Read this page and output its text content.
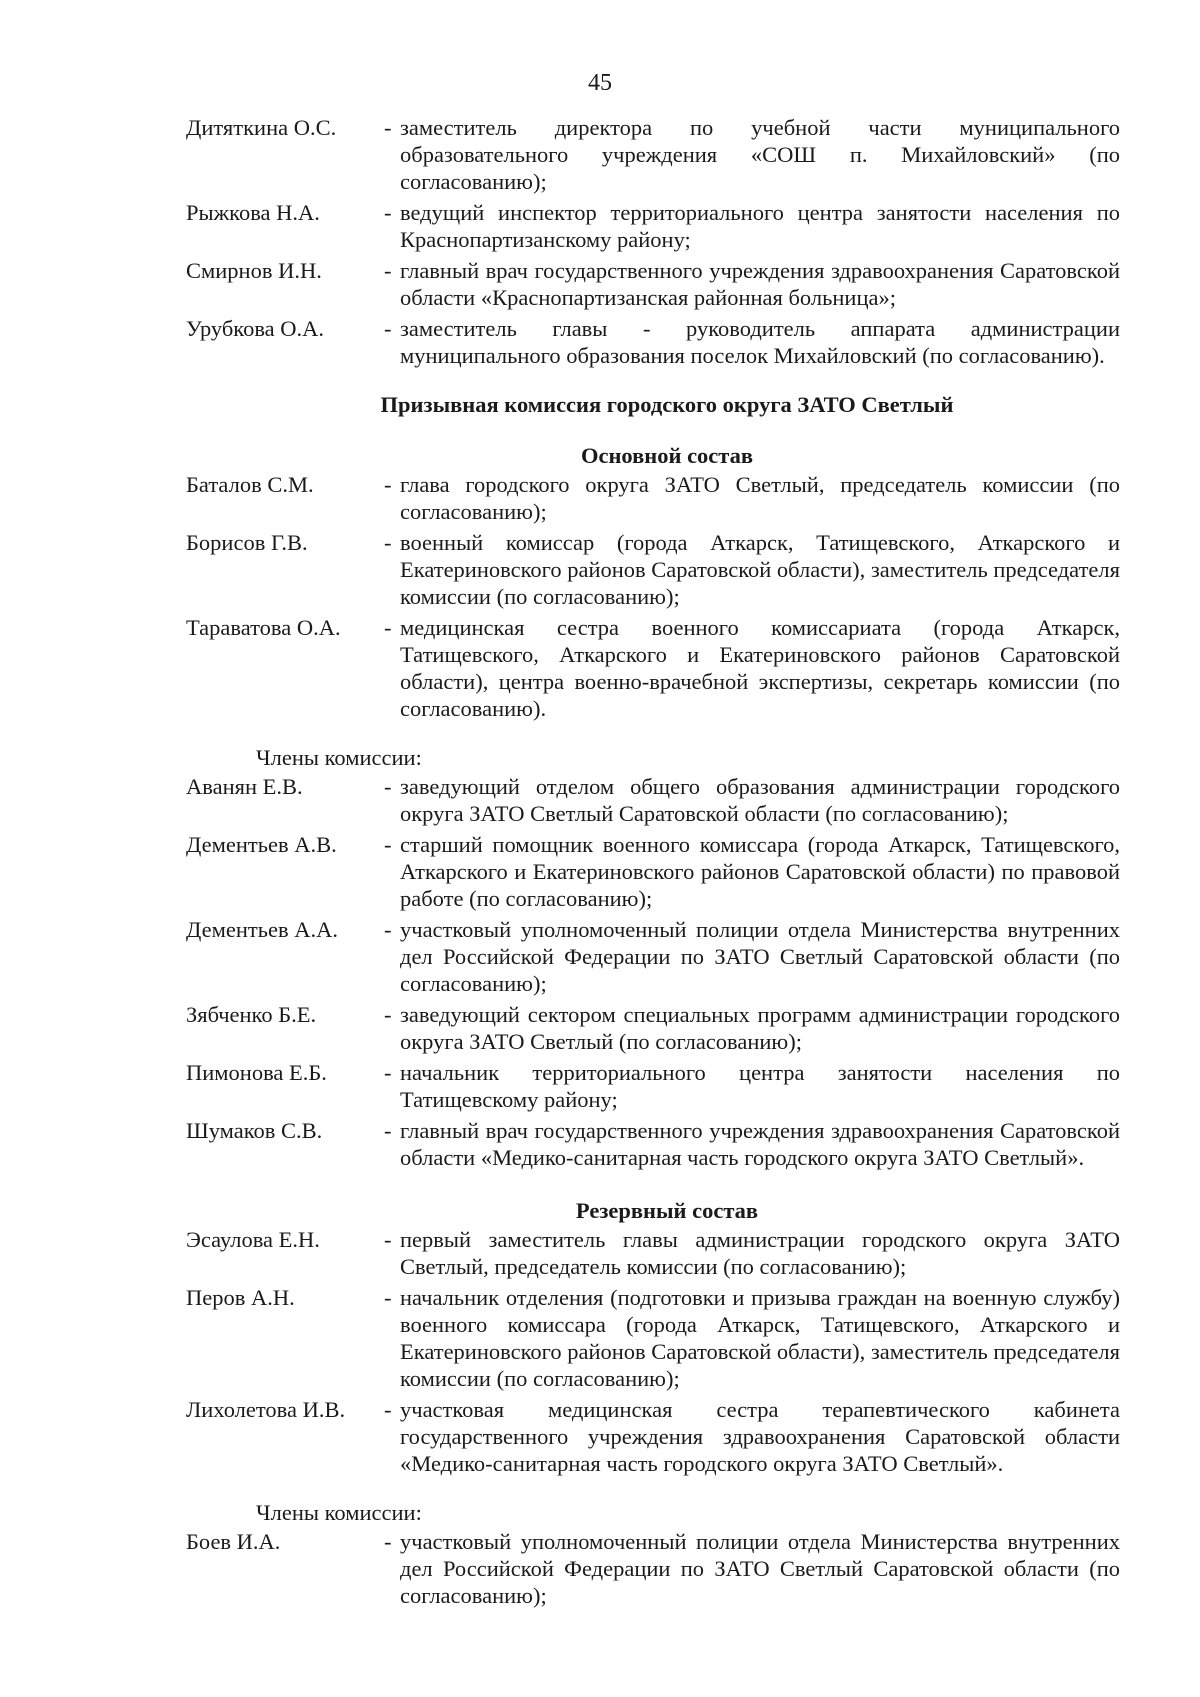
45
Дитяткина О.С.	- заместитель директора по учебной части муниципального образовательного учреждения «СОШ п. Михайловский» (по согласованию);
Рыжкова Н.А.	- ведущий инспектор территориального центра занятости населения по Краснопартизанскому району;
Смирнов И.Н.	- главный врач государственного учреждения здравоохранения Саратовской области «Краснопартизанская районная больница»;
Урубкова О.А.	- заместитель главы - руководитель аппарата администрации муниципального образования поселок Михайловский (по согласованию).
Призывная комиссия городского округа ЗАТО Светлый
Основной состав
Баталов С.М.	- глава городского округа ЗАТО Светлый, председатель комиссии (по согласованию);
Борисов Г.В.	- военный комиссар (города Аткарск, Татищевского, Аткарского и Екатериновского районов Саратовской области), заместитель председателя комиссии (по согласованию);
Тараватова О.А.	- медицинская сестра военного комиссариата (города Аткарск, Татищевского, Аткарского и Екатериновского районов Саратовской области), центра военно-врачебной экспертизы, секретарь комиссии (по согласованию).
Члены комиссии:
Аванян Е.В.	- заведующий отделом общего образования администрации городского округа ЗАТО Светлый Саратовской области (по согласованию);
Дементьев А.В.	- старший помощник военного комиссара (города Аткарск, Татищевского, Аткарского и Екатериновского районов Саратовской области) по правовой работе (по согласованию);
Дементьев А.А.	- участковый уполномоченный полиции отдела Министерства внутренних дел Российской Федерации по ЗАТО Светлый Саратовской области (по согласованию);
Зябченко Б.Е.	- заведующий сектором специальных программ администрации городского округа ЗАТО Светлый (по согласованию);
Пимонова Е.Б.	- начальник территориального центра занятости населения по Татищевскому району;
Шумаков С.В.	- главный врач государственного учреждения здравоохранения Саратовской области «Медико-санитарная часть городского округа ЗАТО Светлый».
Резервный состав
Эсаулова Е.Н.	- первый заместитель главы администрации городского округа ЗАТО Светлый, председатель комиссии (по согласованию);
Перов А.Н.	- начальник отделения (подготовки и призыва граждан на военную службу) военного комиссара (города Аткарск, Татищевского, Аткарского и Екатериновского районов Саратовской области), заместитель председателя комиссии (по согласованию);
Лихолетова И.В.	- участковая медицинская сестра терапевтического кабинета государственного учреждения здравоохранения Саратовской области «Медико-санитарная часть городского округа ЗАТО Светлый».
Члены комиссии:
Боев И.А.	- участковый уполномоченный полиции отдела Министерства внутренних дел Российской Федерации по ЗАТО Светлый Саратовской области (по согласованию);
